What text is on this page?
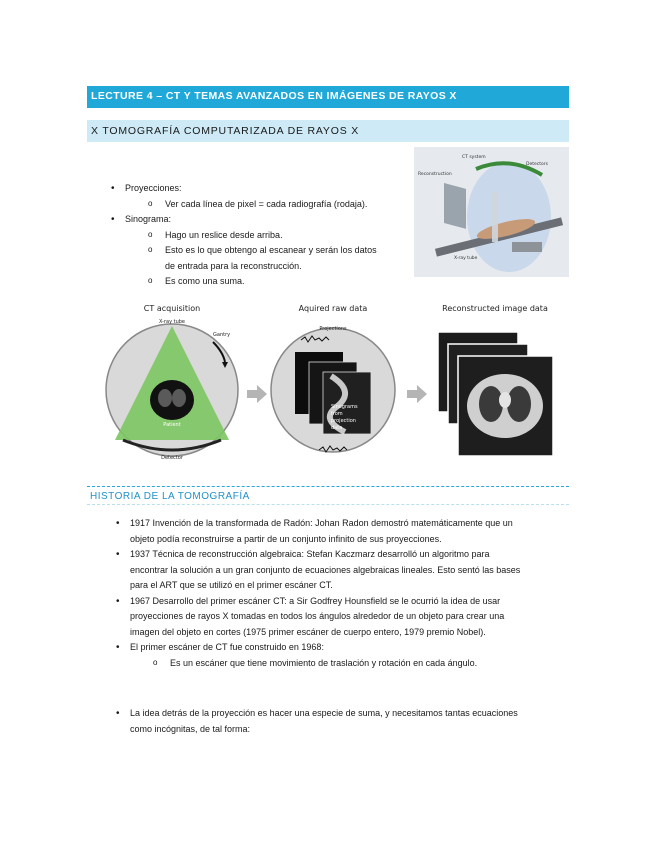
LECTURE 4 – CT Y TEMAS AVANZADOS EN IMÁGENES DE RAYOS X
X TOMOGRAFÍA COMPUTARIZADA DE RAYOS X
• Proyecciones:
o Ver cada línea de pixel = cada radiografía (rodaja).
• Sinograma:
o Hago un reslice desde arriba.
o Esto es lo que obtengo al escanear y serán los datos
de entrada para la reconstrucción.
o Es como una suma.
CT system
Detectors
Reconstruction
X-ray tube
CT acquisition	Aquired raw data	Reconstructed image data
X-ray tube
Gantry
Patient
Detector
Projections
Sinograms
from
projection
data
HISTORIA DE LA TOMOGRAFÍA
• 1917 Invención de la transformada de Radón: Johan Radon demostró matemáticamente que un
objeto podía reconstruirse a partir de un conjunto infinito de sus proyecciones.
• 1937 Técnica de reconstrucción algebraica: Stefan Kaczmarz desarrolló un algoritmo para
encontrar la solución a un gran conjunto de ecuaciones algebraicas lineales. Esto sentó las bases
para el ART que se utilizó en el primer escáner CT.
• 1967 Desarrollo del primer escáner CT: a Sir Godfrey Hounsfield se le ocurrió la idea de usar
proyecciones de rayos X tomadas en todos los ángulos alrededor de un objeto para crear una
imagen del objeto en cortes (1975 primer escáner de cuerpo entero, 1979 premio Nobel).
• El primer escáner de CT fue construido en 1968:
o Es un escáner que tiene movimiento de traslación y rotación en cada ángulo.
• La idea detrás de la proyección es hacer una especie de suma, y necesitamos tantas ecuaciones
como incógnitas, de tal forma:
